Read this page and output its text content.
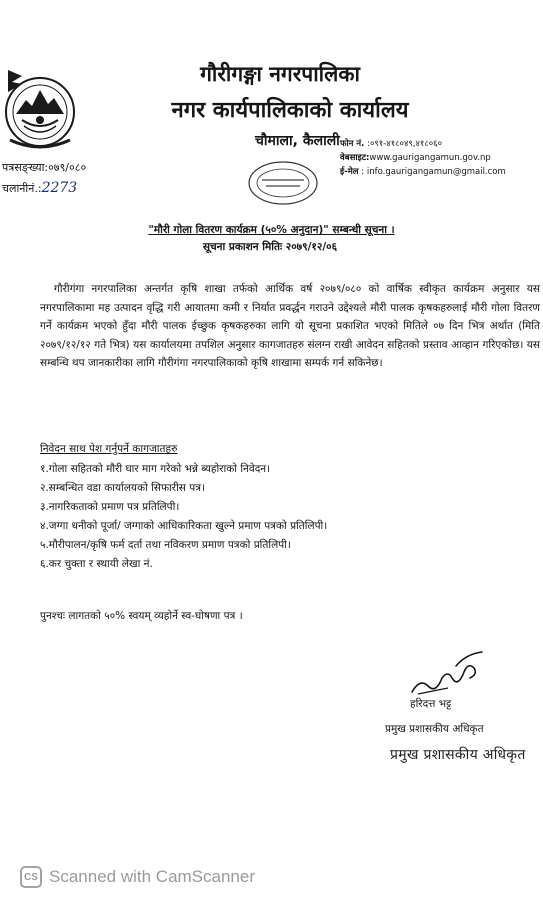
गौरीगङ्गा नगरपालिका
नगर कार्यपालिकाको कार्यालय
चौमाला, कैलाली फोन नं. :०९१-४१८०४९,४१८०६०
वेबसाइट:www.gaurigangamun.gov.np
ई-मेल : info.gaurigangamun@gmail.com
पत्रसङ्ख्या:०७९/०८०
चलानीनं.:2273
"मौरी गोला वितरण कार्यक्रम (५०% अनुदान)" सम्बन्धी सूचना ।
सूचना प्रकाशन मितिः २०७९/१२/०६
गौरीगंगा नगरपालिका अन्तर्गत कृषि शाखा तर्फको आर्थिक वर्ष २०७९/०८० को वार्षिक स्वीकृत कार्यक्रम अनुसार यस नगरपालिकामा मह उत्पादन वृद्धि गरी आयातमा कमी र निर्यात प्रवर्द्धन गराउने उद्देश्यले मौरी पालक कृषकहरुलाई मौरी गोला वितरण गर्ने कार्यक्रम भएको हुँदा मौरी पालक ईच्छुक कृषकहरुका लागि यो सूचना प्रकाशित भएको मितिले ०७ दिन भित्र अर्थात (मिति २०७९/१२/१२ गते भित्र) यस कार्यालयमा तपशिल अनुसार कागजातहरु संलग्न राखी आवेदन सहितको प्रस्ताव आव्हान गरिएकोछ। यस सम्बन्धि थप जानकारीका लागि गौरीगंगा नगरपालिकाको कृषि शाखामा सम्पर्क गर्न सकिनेछ।
निवेदन साथ पेश गर्नुपर्ने कागजातहरु
१.गोला सहितको मौरी घार माग गरेको भन्ने ब्यहोराको निवेदन।
२.सम्बन्धित वडा कार्यालयको सिफारीस पत्र।
३.नागरिकताको प्रमाण पत्र प्रतिलिपी।
४.जग्गा धनीको पूर्जा/ जग्गाको आधिकारिकता खुल्ने प्रमाण पत्रको प्रतिलिपी।
५.मौरीपालन/कृषि फर्म दर्ता तथा नविकरण प्रमाण पत्रको प्रतिलिपी।
६.कर चुक्ता र स्थायी लेखा नं.
पुनश्चः लागतको ५०% स्वयम् व्यहोर्ने स्व-घोषणा पत्र ।
हरिदत्त भट्ट
प्रमुख प्रशासकीय अधिकृत
प्रमुख प्रशासकीय अधिकृत
CS Scanned with CamScanner
